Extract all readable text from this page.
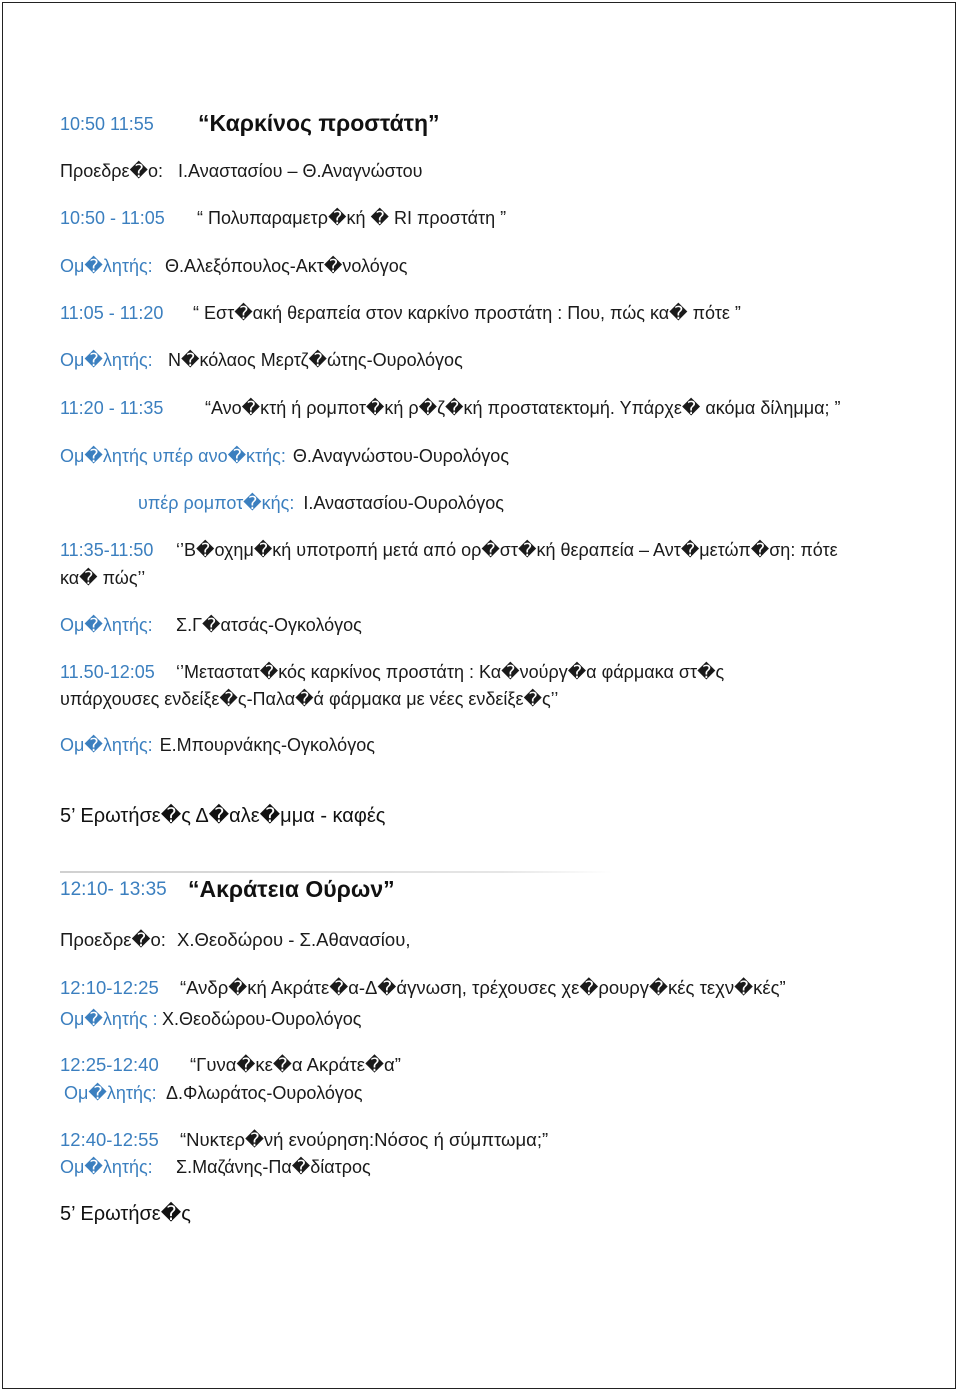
10:50 11:55 “Καρκίνος προστάτη”
Προεδρε�ο: Ι.Αναστασίου – Θ.Αναγνώστου
10:50 - 11:05 “ Πολυπαραμετρ�κή � RI προστάτη ”
Ομ�λητής: Θ.Αλεξόπουλος-Ακτ�νολόγος
11:05 - 11:20 “ Εστ�ακή θεραπεία στον καρκίνο προστάτη : Που, πώς κα� πότε ”
Ομ�λητής: Ν�κόλαος Μερτζ�ώτης-Ουρολόγος
11:20 - 11:35 “Ανο�κτή ή ρομποτ�κή ρ�ζ�κή προστατεκτομή. Υπάρχε� ακόμα δίλημμα; ”
Ομ�λητής υπέρ ανο�κτής: Θ.Αναγνώστου-Ουρολόγος
υπέρ ρομποτ�κής: Ι.Αναστασίου-Ουρολόγος
11:35-11:50 ‘’Β�οχημ�κή υποτροπή μετά από ορ�στ�κή θεραπεία – Αντ�μετώπ�ση: πότε
κα� πώς’’
Ομ�λητής: Σ.Γ�ατσάς-Ογκολόγος
11.50-12:05 ‘’Μεταστατ�κός καρκίνος προστάτη : Κα�νούργ�α φάρμακα στ�ς
υπάρχουσες ενδείξε�ς-Παλα�ά φάρμακα με νέες ενδείξε�ς’’
Ομ�λητής: Ε.Μπουρνάκης-Ογκολόγος
5’ Ερωτήσε�ς Δ�αλε�μμα - καφές
12:10- 13:35 “Ακράτεια Ούρων”
Προεδρε�ο: Χ.Θεοδώρου - Σ.Αθανασίου,
12:10-12:25 “Ανδρ�κή Ακράτε�α-Δ�άγνωση, τρέχουσες χε�ρουργ�κές τεχν�κές”
Ομ�λητής : Χ.Θεοδώρου-Ουρολόγος
12:25-12:40 “Γυνα�κε�α Ακράτε�α”
Ομ�λητής: Δ.Φλωράτος-Ουρολόγος
12:40-12:55 “Νυκτερ�νή ενούρηση:Νόσος ή σύμπτωμα;”
Ομ�λητής: Σ.Μαζάνης-Πα�δίατρος
5’ Ερωτήσε�ς
